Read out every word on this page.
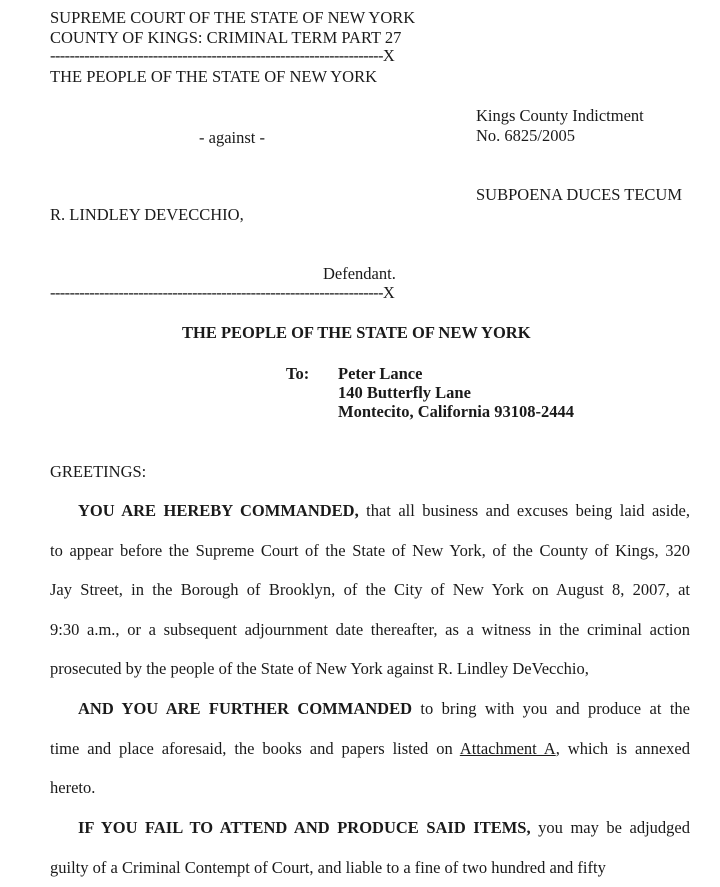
SUPREME COURT OF THE STATE OF NEW YORK
COUNTY OF KINGS: CRIMINAL TERM PART 27
--------------------------------------------------------------------X
THE PEOPLE OF THE STATE OF NEW YORK
Kings County Indictment
No. 6825/2005
- against -
SUBPOENA DUCES TECUM
R. LINDLEY DEVECCHIO,
Defendant.
--------------------------------------------------------------------X
THE PEOPLE OF THE STATE OF NEW YORK
To: Peter Lance
140 Butterfly Lane
Montecito, California 93108-2444
GREETINGS:
YOU ARE HEREBY COMMANDED, that all business and excuses being laid aside,
to appear before the Supreme Court of the State of New York, of the County of Kings, 320
Jay Street, in the Borough of Brooklyn, of the City of New York on August 8, 2007, at
9:30 a.m., or a subsequent adjournment date thereafter, as a witness in the criminal action
prosecuted by the people of the State of New York against R. Lindley DeVecchio,
AND YOU ARE FURTHER COMMANDED to bring with you and produce at the
time and place aforesaid, the books and papers listed on Attachment A, which is annexed
hereto.
IF YOU FAIL TO ATTEND AND PRODUCE SAID ITEMS, you may be adjudged
guilty of a Criminal Contempt of Court, and liable to a fine of two hundred and fifty
